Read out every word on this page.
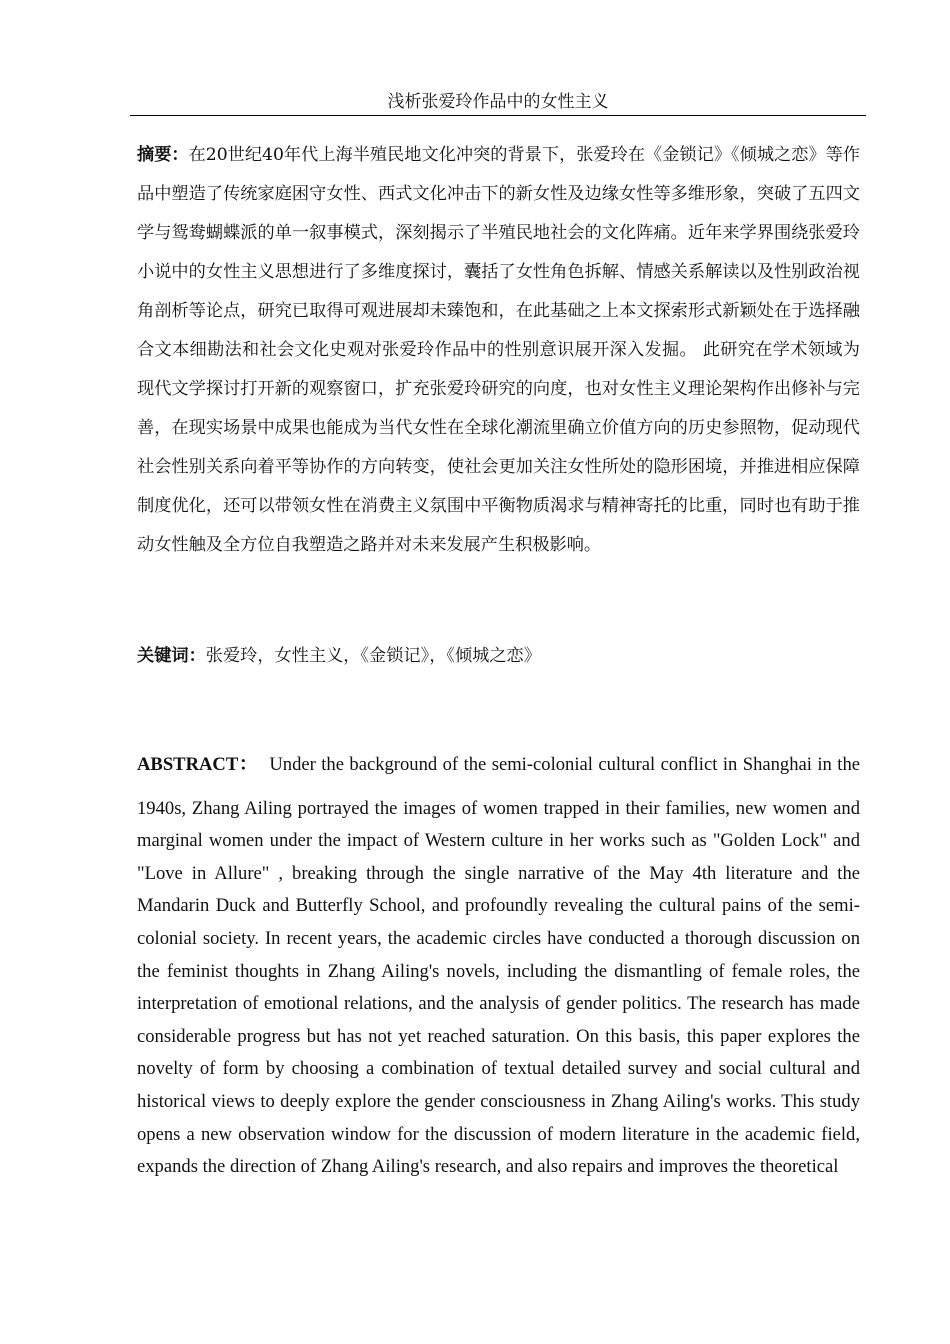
浅析张爱玲作品中的女性主义

摘要：在20世纪40年代上海半殖民地文化冲突的背景下，张爱玲在《金锁记》《倾城之恋》等作品中塑造了传统家庭困守女性、西式文化冲击下的新女性及边缘女性等多维形象，突破了五四文学与鸳鸯蝴蝶派的单一叙事模式，深刻揭示了半殖民地社会的文化阵痛。近年来学界围绕张爱玲小说中的女性主义思想进行了多维度探讨，囊括了女性角色拆解、情感关系解读以及性别政治视角剖析等论点，研究已取得可观进展却未臻饱和，在此基础之上本文探索形式新颖处在于选择融合文本细勘法和社会文化史观对张爱玲作品中的性别意识展开深入发掘。 此研究在学术领域为现代文学探讨打开新的观察窗口，扩充张爱玲研究的向度，也对女性主义理论架构作出修补与完善，在现实场景中成果也能成为当代女性在全球化潮流里确立价值方向的历史参照物，促动现代社会性别关系向着平等协作的方向转变，使社会更加关注女性所处的隐形困境，并推进相应保障制度优化，还可以带领女性在消费主义氛围中平衡物质渴求与精神寄托的比重，同时也有助于推动女性触及全方位自我塑造之路并对未来发展产生积极影响。

关键词：张爱玲，女性主义，《金锁记》，《倾城之恋》

ABSTRACT： Under the background of the semi-colonial cultural conflict in Shanghai in the
1940s, Zhang Ailing portrayed the images of women trapped in their families, new women and marginal women under the impact of Western culture in her works such as "Golden Lock" and "Love in Allure" , breaking through the single narrative of the May 4th literature and the Mandarin Duck and Butterfly School, and profoundly revealing the cultural pains of the semi-colonial society. In recent years, the academic circles have conducted a thorough discussion on the feminist thoughts in Zhang Ailing's novels, including the dismantling of female roles, the interpretation of emotional relations, and the analysis of gender politics. The research has made considerable progress but has not yet reached saturation. On this basis, this paper explores the novelty of form by choosing a combination of textual detailed survey and social cultural and historical views to deeply explore the gender consciousness in Zhang Ailing's works. This study opens a new observation window for the discussion of modern literature in the academic field, expands the direction of Zhang Ailing's research, and also repairs and improves the theoretical
